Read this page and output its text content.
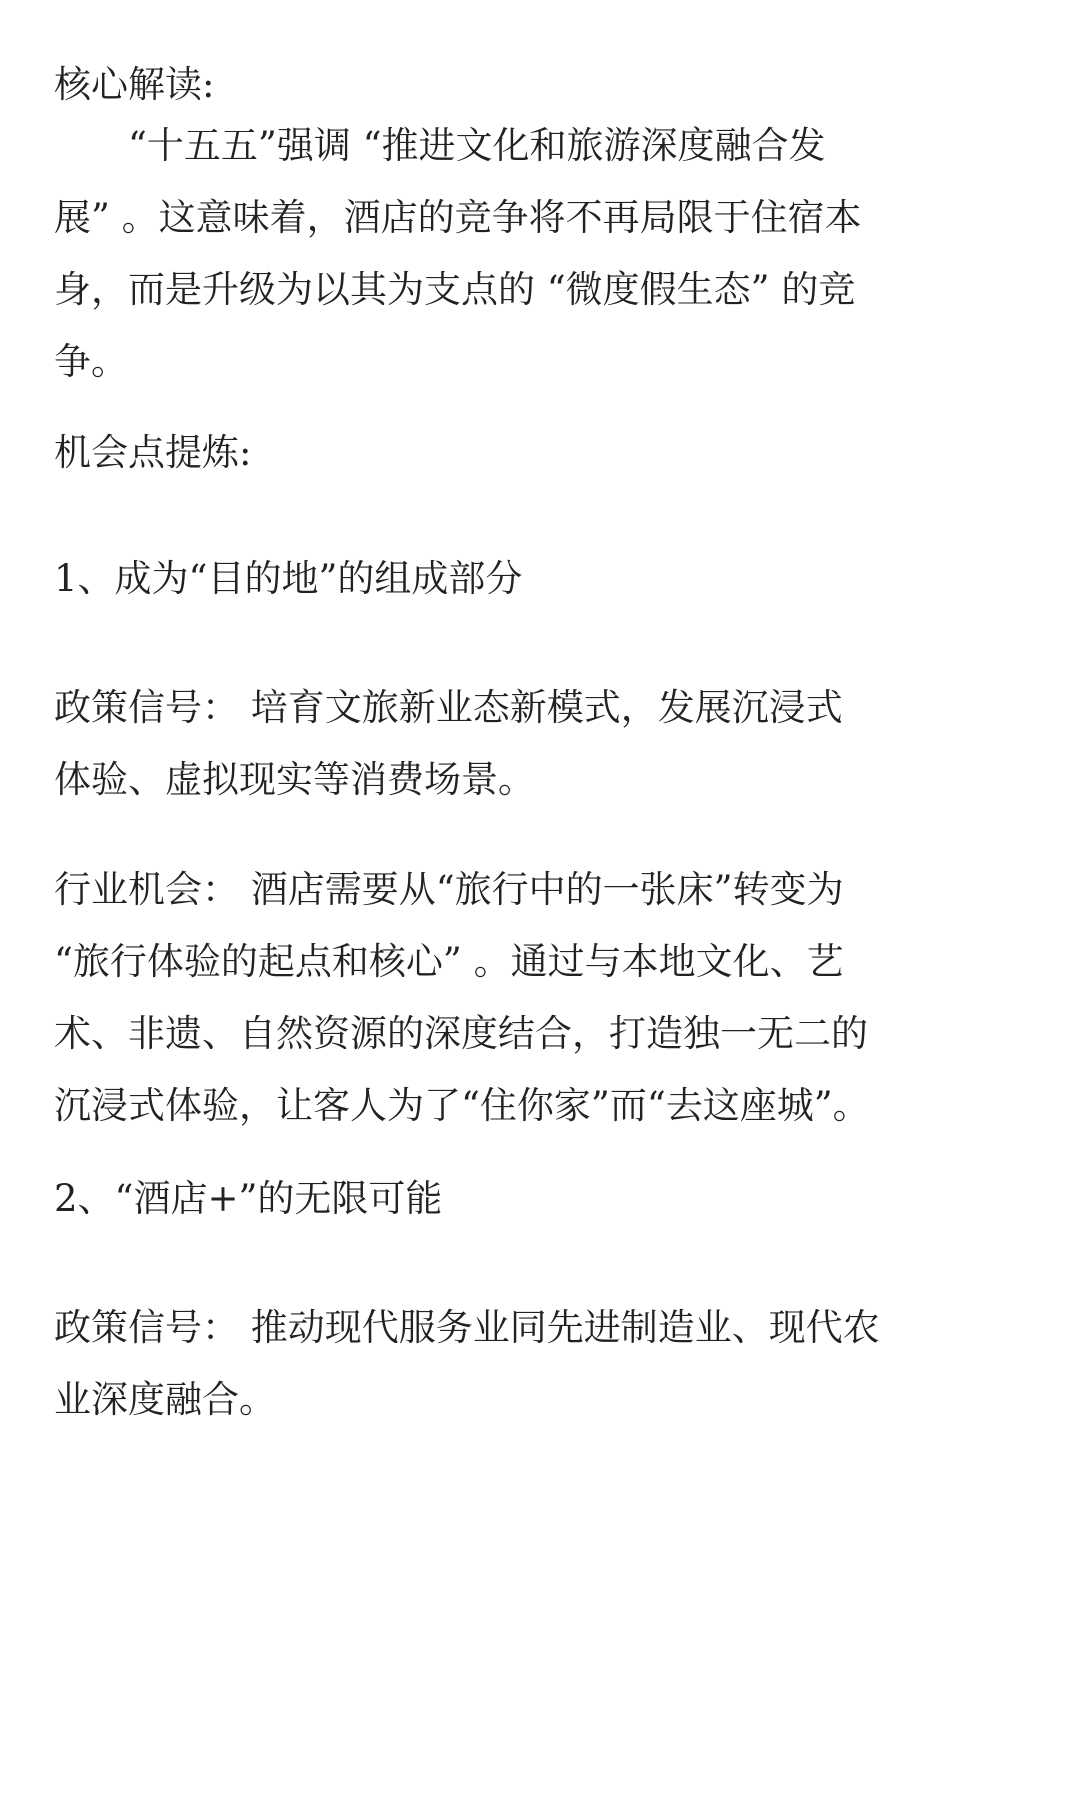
核心解读:
“十五五”强调 “推进文化和旅游深度融合发展” 。这意味着，酒店的竞争将不再局限于住宿本身，而是升级为以其为支点的 “微度假生态” 的竞争。
机会点提炼:
1、成为“目的地”的组成部分
政策信号： 培育文旅新业态新模式，发展沉浸式体验、虚拟现实等消费场景。
行业机会： 酒店需要从“旅行中的一张床”转变为 “旅行体验的起点和核心” 。通过与本地文化、艺术、非遗、自然资源的深度结合，打造独一无二的沉浸式体验，让客人为了“住你家”而“去这座城”。
2、“酒店+”的无限可能
政策信号： 推动现代服务业同先进制造业、现代农业深度融合。
